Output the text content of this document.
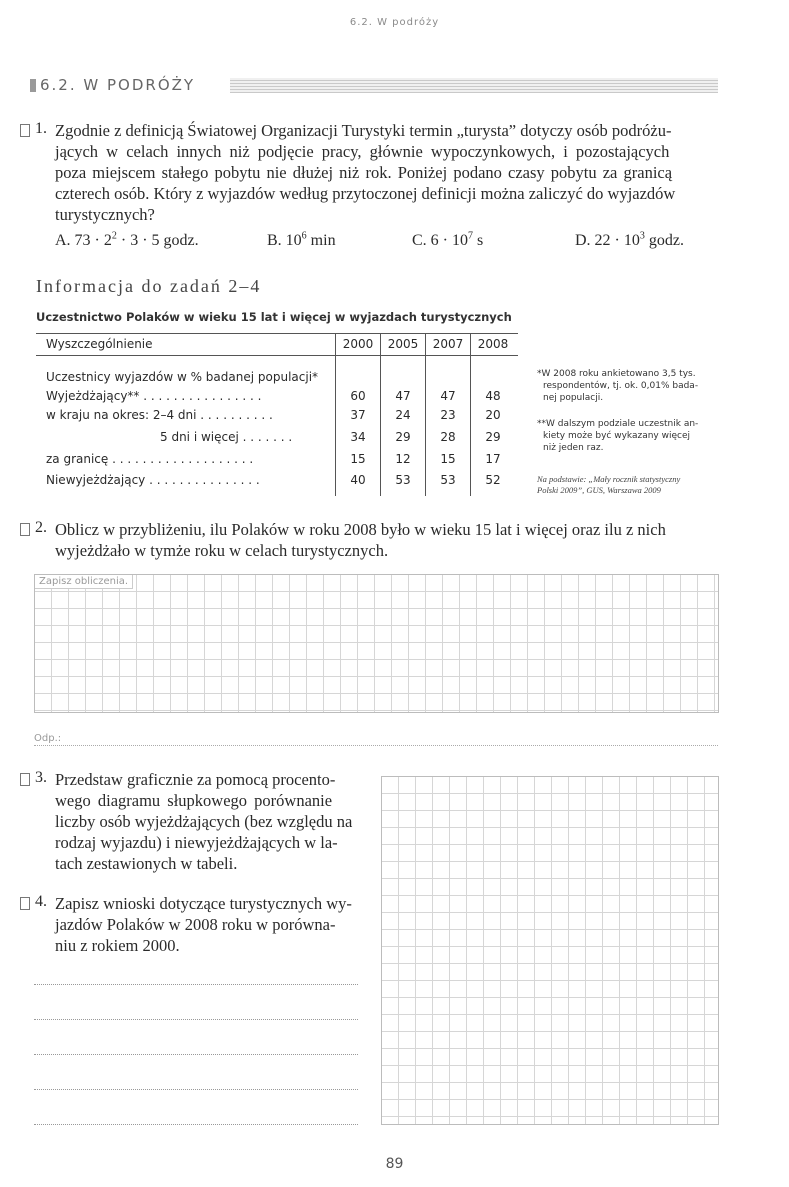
6.2. W podróży
6.2. W PODRÓŻY
1. Zgodnie z definicją Światowej Organizacji Turystyki termin „turysta” dotyczy osób podróżu-
jących w celach innych niż podjęcie pracy, głównie wypoczynkowych, i pozostających
poza miejscem stałego pobytu nie dłużej niż rok. Poniżej podano czasy pobytu za granicą
czterech osób. Który z wyjazdów według przytoczonej definicji można zaliczyć do wyjazdów
turystycznych?
A. $73 \cdot 2^2 \cdot 3 \cdot 5$ godz.	B. $10^6$ min	C. $6 \cdot 10^7$ s	D. $22 \cdot 10^3$ godz.
Informacja do zadań 2–4
Uczestnictwo Polaków w wieku 15 lat i więcej w wyjazdach turystycznych
Wyszczególnienie	2000	2005	2007	2008
Uczestnicy wyjazdów w % badanej populacji*
Wyjeżdżający** . . . . . . . . . . . . . . . .	60	47	47	48
w kraju na okres: 2–4 dni . . . . . . . . . .	37	24	23	20
5 dni i więcej . . . . . . .	34	29	28	29
za granicę . . . . . . . . . . . . . . . . . . .	15	12	15	17
Niewyjeżdżający . . . . . . . . . . . . . . .	40	53	53	52
*W 2008 roku ankietowano 3,5 tys.
respondentów, tj. ok. 0,01% bada-
nej populacji.
**W dalszym podziale uczestnik an-
kiety może być wykazany więcej
niż jeden raz.
Na podstawie: „Mały rocznik statystyczny
Polski 2009”, GUS, Warszawa 2009
2. Oblicz w przybliżeniu, ilu Polaków w roku 2008 było w wieku 15 lat i więcej oraz ilu z nich
wyjeżdżało w tymże roku w celach turystycznych.
Zapisz obliczenia.
Odp.:
3. Przedstaw graficznie za pomocą procento-
wego diagramu słupkowego porównanie
liczby osób wyjeżdżających (bez względu na
rodzaj wyjazdu) i niewyjeżdżających w la-
tach zestawionych w tabeli.
4. Zapisz wnioski dotyczące turystycznych wy-
jazdów Polaków w 2008 roku w porówna-
niu z rokiem 2000.
89
